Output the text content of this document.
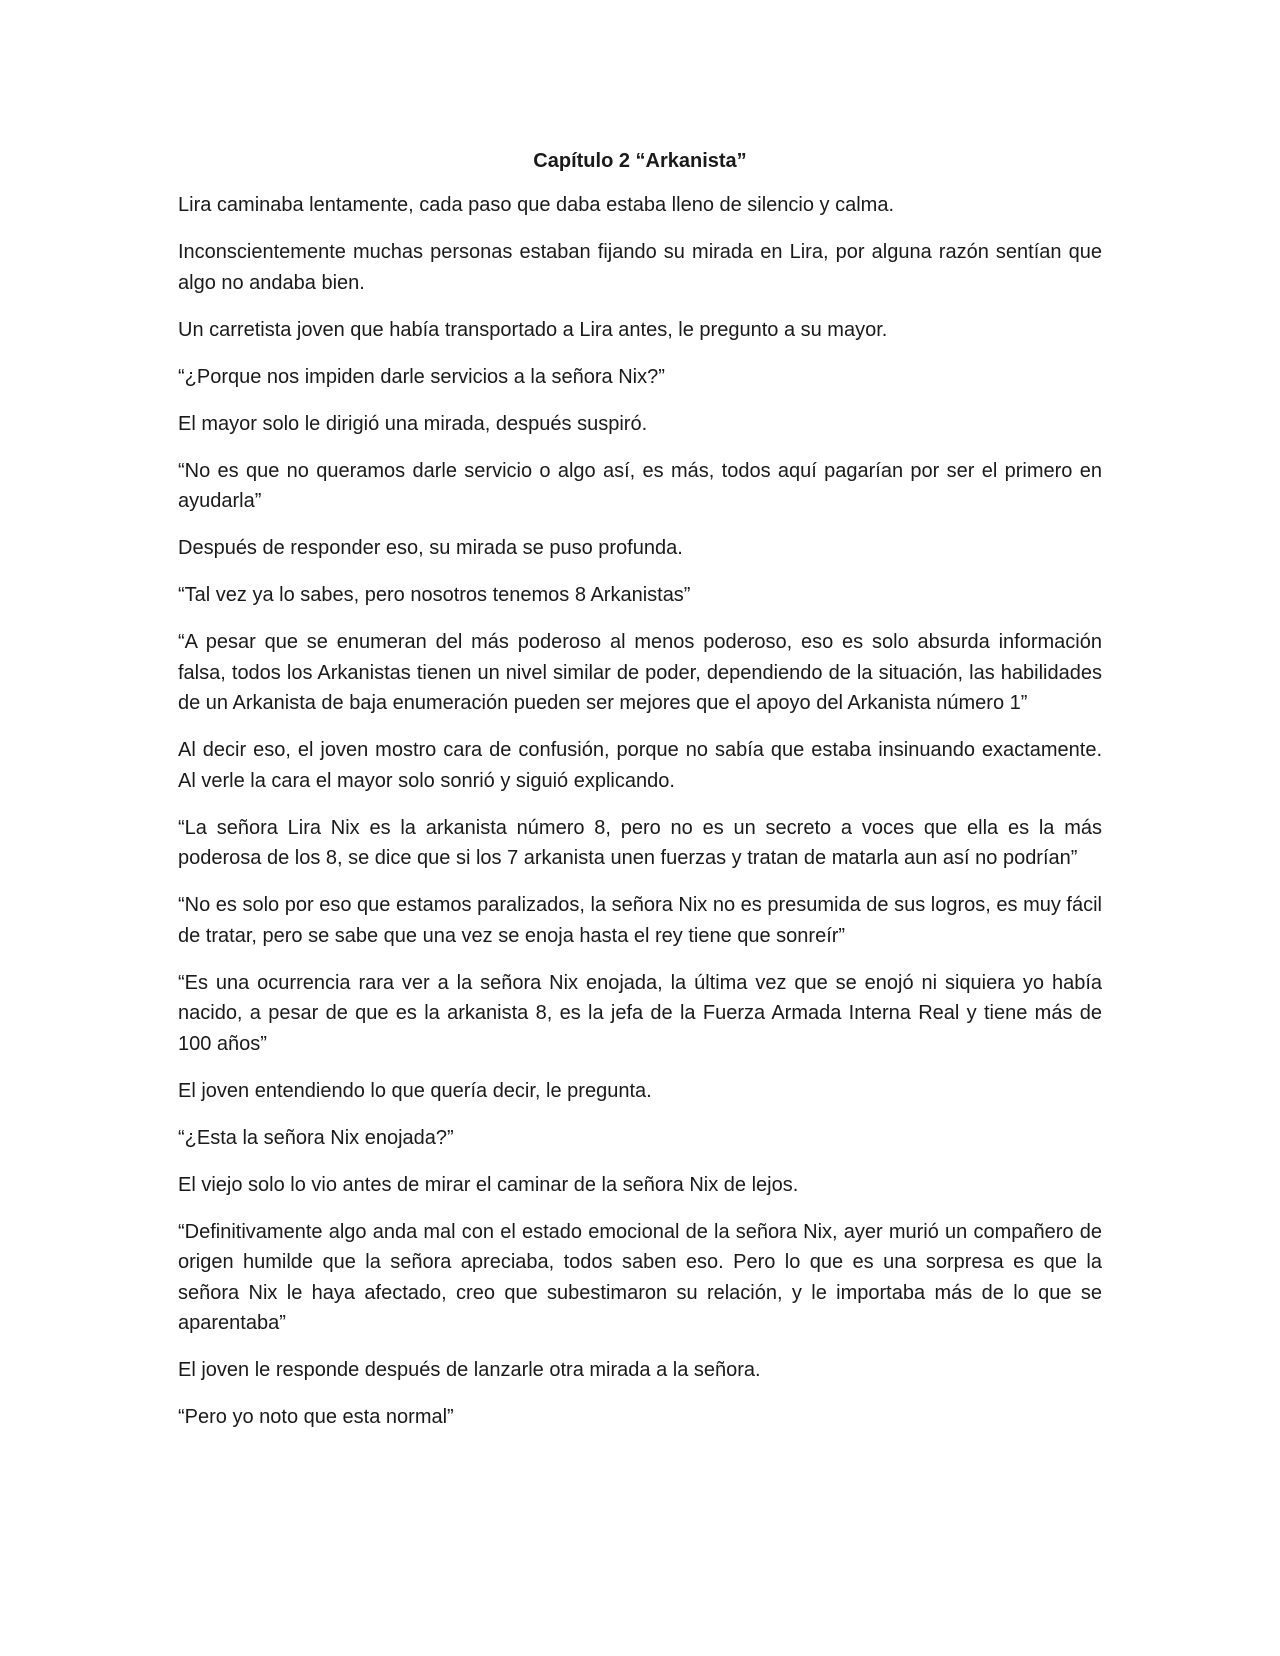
Capítulo 2 “Arkanista”

Lira caminaba lentamente, cada paso que daba estaba lleno de silencio y calma.

Inconscientemente muchas personas estaban fijando su mirada en Lira, por alguna razón sentían que algo no andaba bien.

Un carretista joven que había transportado a Lira antes, le pregunto a su mayor.

“¿Porque nos impiden darle servicios a la señora Nix?”

El mayor solo le dirigió una mirada, después suspiró.

“No es que no queramos darle servicio o algo así, es más, todos aquí pagarían por ser el primero en ayudarla”

Después de responder eso, su mirada se puso profunda.

“Tal vez ya lo sabes, pero nosotros tenemos 8 Arkanistas”

“A pesar que se enumeran del más poderoso al menos poderoso, eso es solo absurda información falsa, todos los Arkanistas tienen un nivel similar de poder, dependiendo de la situación, las habilidades de un Arkanista de baja enumeración pueden ser mejores que el apoyo del Arkanista número 1”

Al decir eso, el joven mostro cara de confusión, porque no sabía que estaba insinuando exactamente. Al verle la cara el mayor solo sonrió y siguió explicando.

“La señora Lira Nix es la arkanista número 8, pero no es un secreto a voces que ella es la más poderosa de los 8, se dice que si los 7 arkanista unen fuerzas y tratan de matarla aun así no podrían”

“No es solo por eso que estamos paralizados, la señora Nix no es presumida de sus logros, es muy fácil de tratar, pero se sabe que una vez se enoja hasta el rey tiene que sonreír”

“Es una ocurrencia rara ver a la señora Nix enojada, la última vez que se enojó ni siquiera yo había nacido, a pesar de que es la arkanista 8, es la jefa de la Fuerza Armada Interna Real y tiene más de 100 años”

El joven entendiendo lo que quería decir, le pregunta.

“¿Esta la señora Nix enojada?”

El viejo solo lo vio antes de mirar el caminar de la señora Nix de lejos.

“Definitivamente algo anda mal con el estado emocional de la señora Nix, ayer murió un compañero de origen humilde que la señora apreciaba, todos saben eso. Pero lo que es una sorpresa es que la señora Nix le haya afectado, creo que subestimaron su relación, y le importaba más de lo que se aparentaba”

El joven le responde después de lanzarle otra mirada a la señora.

“Pero yo noto que esta normal”
